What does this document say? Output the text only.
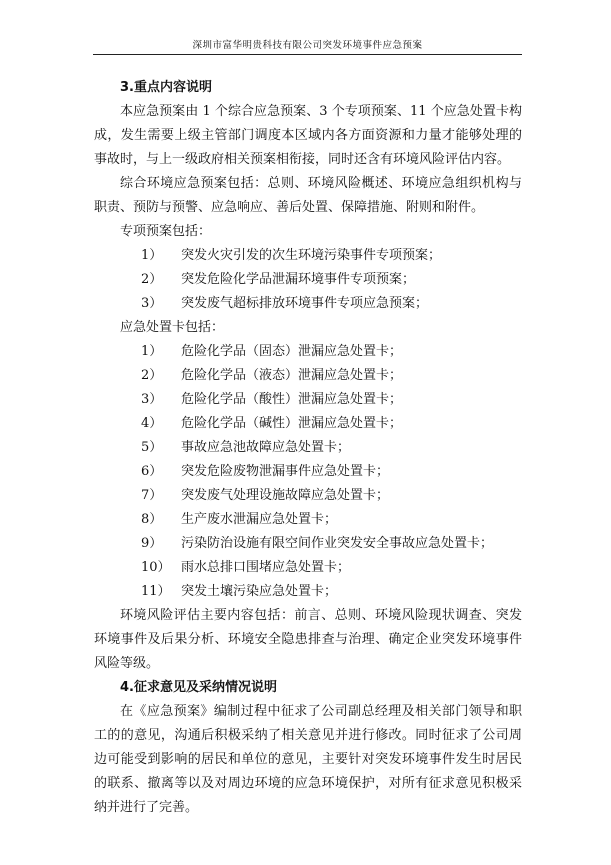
深圳市富华明贵科技有限公司突发环境事件应急预案
3.重点内容说明
本应急预案由 1 个综合应急预案、3 个专项预案、11 个应急处置卡构成，发生需要上级主管部门调度本区域内各方面资源和力量才能够处理的事故时，与上一级政府相关预案相衔接，同时还含有环境风险评估内容。
综合环境应急预案包括：总则、环境风险概述、环境应急组织机构与职责、预防与预警、应急响应、善后处置、保障措施、附则和附件。
专项预案包括：
1）	突发火灾引发的次生环境污染事件专项预案；
2）	突发危险化学品泄漏环境事件专项预案；
3）	突发废气超标排放环境事件专项应急预案；
应急处置卡包括：
1）	危险化学品（固态）泄漏应急处置卡；
2）	危险化学品（液态）泄漏应急处置卡；
3）	危险化学品（酸性）泄漏应急处置卡；
4）	危险化学品（碱性）泄漏应急处置卡；
5）	事故应急池故障应急处置卡；
6）	突发危险废物泄漏事件应急处置卡；
7）	突发废气处理设施故障应急处置卡；
8）	生产废水泄漏应急处置卡；
9）	污染防治设施有限空间作业突发安全事故应急处置卡；
10） 雨水总排口围堵应急处置卡；
11） 突发土壤污染应急处置卡；
环境风险评估主要内容包括：前言、总则、环境风险现状调查、突发环境事件及后果分析、环境安全隐患排查与治理、确定企业突发环境事件风险等级。
4.征求意见及采纳情况说明
在《应急预案》编制过程中征求了公司副总经理及相关部门领导和职工的的意见，沟通后积极采纳了相关意见并进行修改。同时征求了公司周边可能受到影响的居民和单位的意见，主要针对突发环境事件发生时居民的联系、撤离等以及对周边环境的应急环境保护，对所有征求意见积极采纳并进行了完善。
